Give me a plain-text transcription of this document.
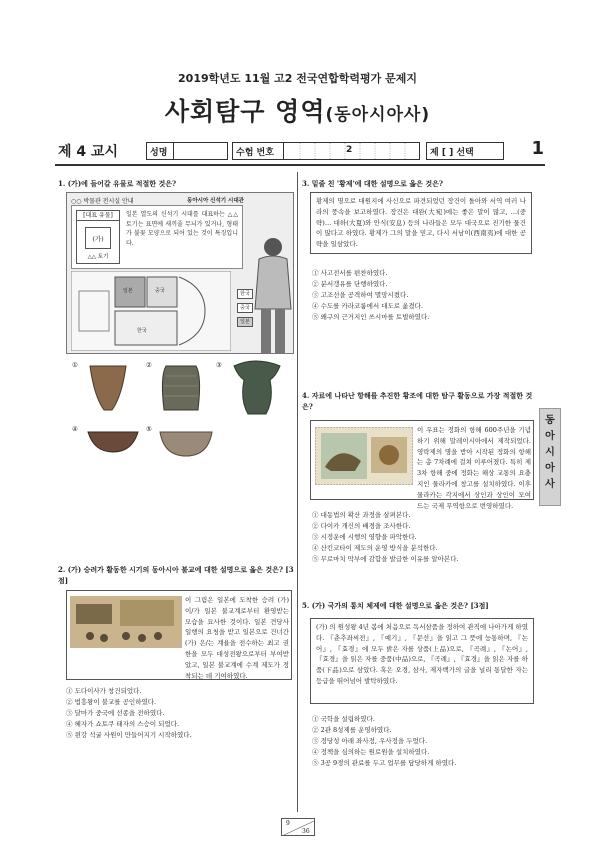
2019학년도 11월 고2 전국연합학력평가 문제지
사회탐구 영역(동아시아사)
제 4 교시	성명	수험 번호	2	제 [ ] 선택	1
1. (가)에 들어갈 유물로 적절한 것은?
○○ 박물관 전시실 안내	동아시아 신석기 시대관
[대표 유물]
(가)
△△ 토기
일본 열도의 신석기 시대를 대표하는 △△ 토기는 표면에 새끼줄 무늬가 있거나, 형태가 불꽃 모양으로 되어 있는 것이 특징입니다.
일본	중국
한국
한국
중국
일본
①	②	③
④	⑤
2. (가) 승려가 활동한 시기의 동아시아 불교에 대한 설명으로 옳은 것은? [3점]
이 그림은 일본에 도착한 승려 (가) 이/가 일본 불교계로부터 환영받는 모습을 묘사한 것이다. 일본 견당사 일행의 요청을 받고 일본으로 건너간 (가) 은/는 계율을 전수하는 최고 권한을 모두 대성전왕으로부터 부여받았고, 일본 불교계에 수계 제도가 정착되는 데 기여하였다.
① 도다이사가 창건되었다.
② 법흥왕이 불교를 공인하였다.
③ 달마가 중국에 선종을 전하였다.
④ 혜자가 쇼토쿠 태자의 스승이 되었다.
⑤ 윈강 석굴 사원이 만들어지기 시작하였다.
3. 밑줄 친 '황제'에 대한 설명으로 옳은 것은?
황제의 명으로 대원지에 사신으로 파견되었던 장건이 돌아와 서역 여러 나라의 풍속을 보고하였다. 장건은 대완(大宛)에는 좋은 말이 많고, …(중략)… 대하(大夏)와 안식(安息) 등의 나라들은 모두 대국으로 진기한 물건이 많다고 하였다. 황제가 그의 말을 믿고, 다시 서남이(西南夷)에 대한 공략을 일삼았다.
① 사고전서를 편찬하였다.
② 분서갱유를 단행하였다.
③ 고조선을 공격하여 멸망시켰다.
④ 수도를 카라코룸에서 대도로 옮겼다.
⑤ 왜구의 근거지인 쓰시마를 토벌하였다.
4. 자료에 나타난 항해를 추진한 황조에 대한 탐구 활동으로 가장 적절한 것은?
이 우표는 정화의 항해 600주년을 기념하기 위해 말레이시아에서 제작되었다. 영락제의 명을 받아 시작된 정화의 항해는 총 7차례에 걸쳐 이루어졌다. 특히 제3차 항해 중에 정화는 해상 교통의 요충지인 물라카에 창고를 설치하였다. 이후 물라카는 각지에서 상인과 상인이 모여드는 국제 무역항으로 번영하였다.
① 대동법의 확산 과정을 살펴본다.
② 다이카 개신의 배경을 조사한다.
③ 시정운에 시행의 영향을 파악한다.
④ 산킨코타이 제도의 운영 방식을 분석한다.
⑤ 무로마치 막부에 감합을 발급한 이유를 알아본다.
5. (가) 국가의 통치 체제에 대한 설명으로 옳은 것은? [3점]
(가) 의 원성왕 4년 봄에 처음으로 독서삼품을 정하여 관직에 나아가게 하였다. 『춘추좌씨전』, 『예기』, 『문선』을 읽고 그 뜻에 능통하며, 『논어』, 『효경』에 모두 밝은 자를 상품(上品)으로, 『곡례』, 『논어』, 『효경』을 읽은 자를 중품(中品)으로, 『곡례』, 『효경』을 읽은 자를 하품(下品)으로 삼았다. 혹은 오경, 삼사, 제자백가의 글을 널리 통달한 자는 등급을 뛰어넘어 발탁하였다.
① 국학을 설립하였다.
② 2관 8성제를 운영하였다.
③ 정당성 아래 좌사정, 우사정을 두었다.
④ 정책을 심의하는 원로원을 설치하였다.
⑤ 3공 9경의 관료를 두고 업무를 담당하게 하였다.
동아시아사
9
36
